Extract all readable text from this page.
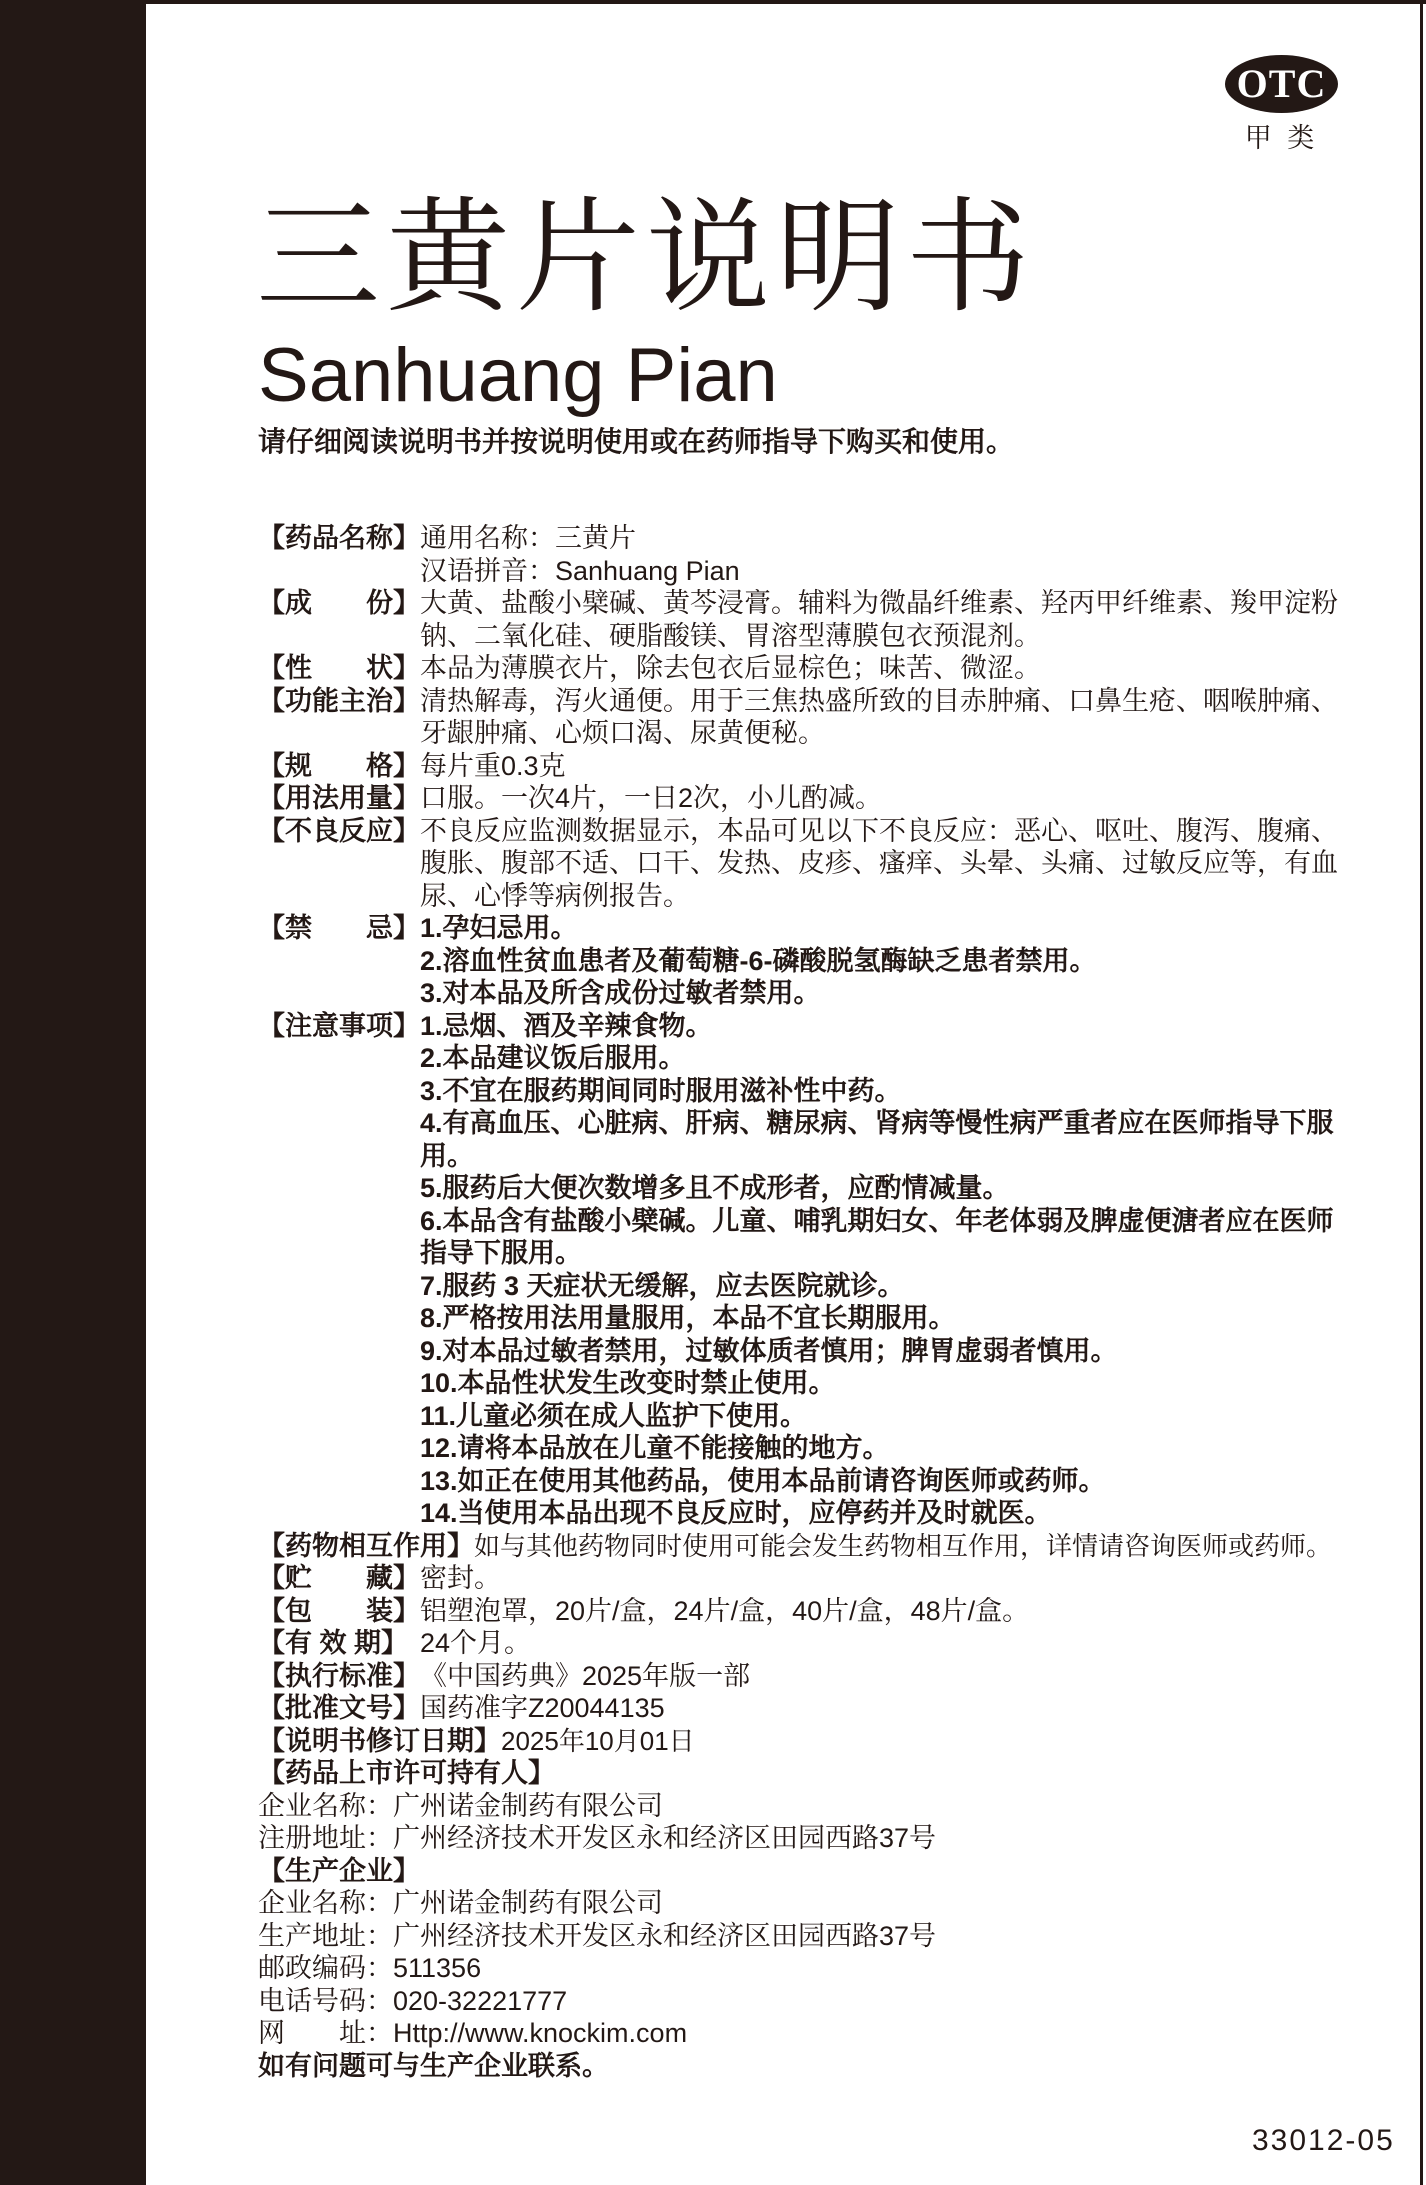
OTC
甲 类
三黄片说明书
Sanhuang Pian
请仔细阅读说明书并按说明使用或在药师指导下购买和使用。
【药品名称】 通用名称：三黄片
汉语拼音：Sanhuang Pian
【成　　份】 大黄、盐酸小檗碱、黄芩浸膏。辅料为微晶纤维素、羟丙甲纤维素、羧甲淀粉钠、二氧化硅、硬脂酸镁、胃溶型薄膜包衣预混剂。
【性　　状】 本品为薄膜衣片，除去包衣后显棕色；味苦、微涩。
【功能主治】 清热解毒，泻火通便。用于三焦热盛所致的目赤肿痛、口鼻生疮、咽喉肿痛、牙龈肿痛、心烦口渴、尿黄便秘。
【规　　格】 每片重0.3克
【用法用量】 口服。一次4片，一日2次，小儿酌减。
【不良反应】 不良反应监测数据显示，本品可见以下不良反应：恶心、呕吐、腹泻、腹痛、腹胀、腹部不适、口干、发热、皮疹、瘙痒、头晕、头痛、过敏反应等，有血尿、心悸等病例报告。
【禁　　忌】 1.孕妇忌用。
2.溶血性贫血患者及葡萄糖-6-磷酸脱氢酶缺乏患者禁用。
3.对本品及所含成份过敏者禁用。
【注意事项】 1.忌烟、酒及辛辣食物。
2.本品建议饭后服用。
3.不宜在服药期间同时服用滋补性中药。
4.有高血压、心脏病、肝病、糖尿病、肾病等慢性病严重者应在医师指导下服用。
5.服药后大便次数增多且不成形者，应酌情减量。
6.本品含有盐酸小檗碱。儿童、哺乳期妇女、年老体弱及脾虚便溏者应在医师指导下服用。
7.服药 3 天症状无缓解，应去医院就诊。
8.严格按用法用量服用，本品不宜长期服用。
9.对本品过敏者禁用，过敏体质者慎用；脾胃虚弱者慎用。
10.本品性状发生改变时禁止使用。
11.儿童必须在成人监护下使用。
12.请将本品放在儿童不能接触的地方。
13.如正在使用其他药品，使用本品前请咨询医师或药师。
14.当使用本品出现不良反应时，应停药并及时就医。
【药物相互作用】 如与其他药物同时使用可能会发生药物相互作用，详情请咨询医师或药师。
【贮　　藏】 密封。
【包　　装】 铝塑泡罩，20片/盒，24片/盒，40片/盒，48片/盒。
【有 效 期】 24个月。
【执行标准】 《中国药典》2025年版一部
【批准文号】 国药准字Z20044135
【说明书修订日期】 2025年10月01日
【药品上市许可持有人】
企业名称：广州诺金制药有限公司
注册地址：广州经济技术开发区永和经济区田园西路37号
【生产企业】
企业名称：广州诺金制药有限公司
生产地址：广州经济技术开发区永和经济区田园西路37号
邮政编码：511356
电话号码：020-32221777
网　　址：Http://www.knockim.com
如有问题可与生产企业联系。
33012-05
